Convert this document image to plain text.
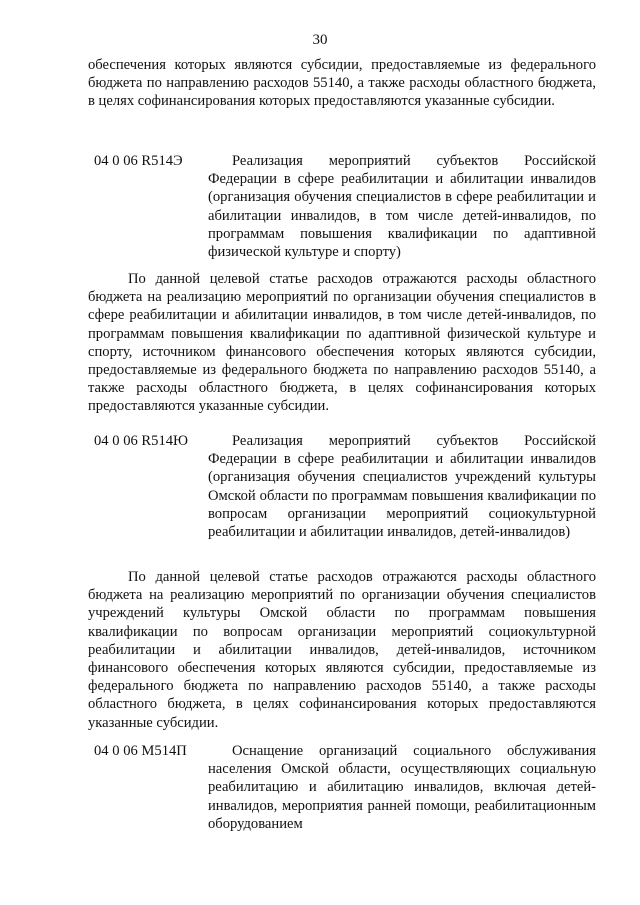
30

обеспечения которых являются субсидии, предоставляемые из федерального бюджета по направлению расходов 55140, а также расходы областного бюджета, в целях софинансирования которых предоставляются указанные субсидии.

04 0 06 R514Э	Реализация мероприятий субъектов Российской Федерации в сфере реабилитации и абилитации инвалидов (организация обучения специалистов в сфере реабилитации и абилитации инвалидов, в том числе детей-инвалидов, по программам повышения квалификации по адаптивной физической культуре и спорту)

По данной целевой статье расходов отражаются расходы областного бюджета на реализацию мероприятий по организации обучения специалистов в сфере реабилитации и абилитации инвалидов, в том числе детей-инвалидов, по программам повышения квалификации по адаптивной физической культуре и спорту, источником финансового обеспечения которых являются субсидии, предоставляемые из федерального бюджета по направлению расходов 55140, а также расходы областного бюджета, в целях софинансирования которых предоставляются указанные субсидии.

04 0 06 R514Ю	Реализация мероприятий субъектов Российской Федерации в сфере реабилитации и абилитации инвалидов (организация обучения специалистов учреждений культуры Омской области по программам повышения квалификации по вопросам организации мероприятий социокультурной реабилитации и абилитации инвалидов, детей-инвалидов)

По данной целевой статье расходов отражаются расходы областного бюджета на реализацию мероприятий по организации обучения специалистов учреждений культуры Омской области по программам повышения квалификации по вопросам организации мероприятий социокультурной реабилитации и абилитации инвалидов, детей-инвалидов, источником финансового обеспечения которых являются субсидии, предоставляемые из федерального бюджета по направлению расходов 55140, а также расходы областного бюджета, в целях софинансирования которых предоставляются указанные субсидии.

04 0 06 M514П	Оснащение организаций социального обслуживания населения Омской области, осуществляющих социальную реабилитацию и абилитацию инвалидов, включая детей-инвалидов, мероприятия ранней помощи, реабилитационным оборудованием
